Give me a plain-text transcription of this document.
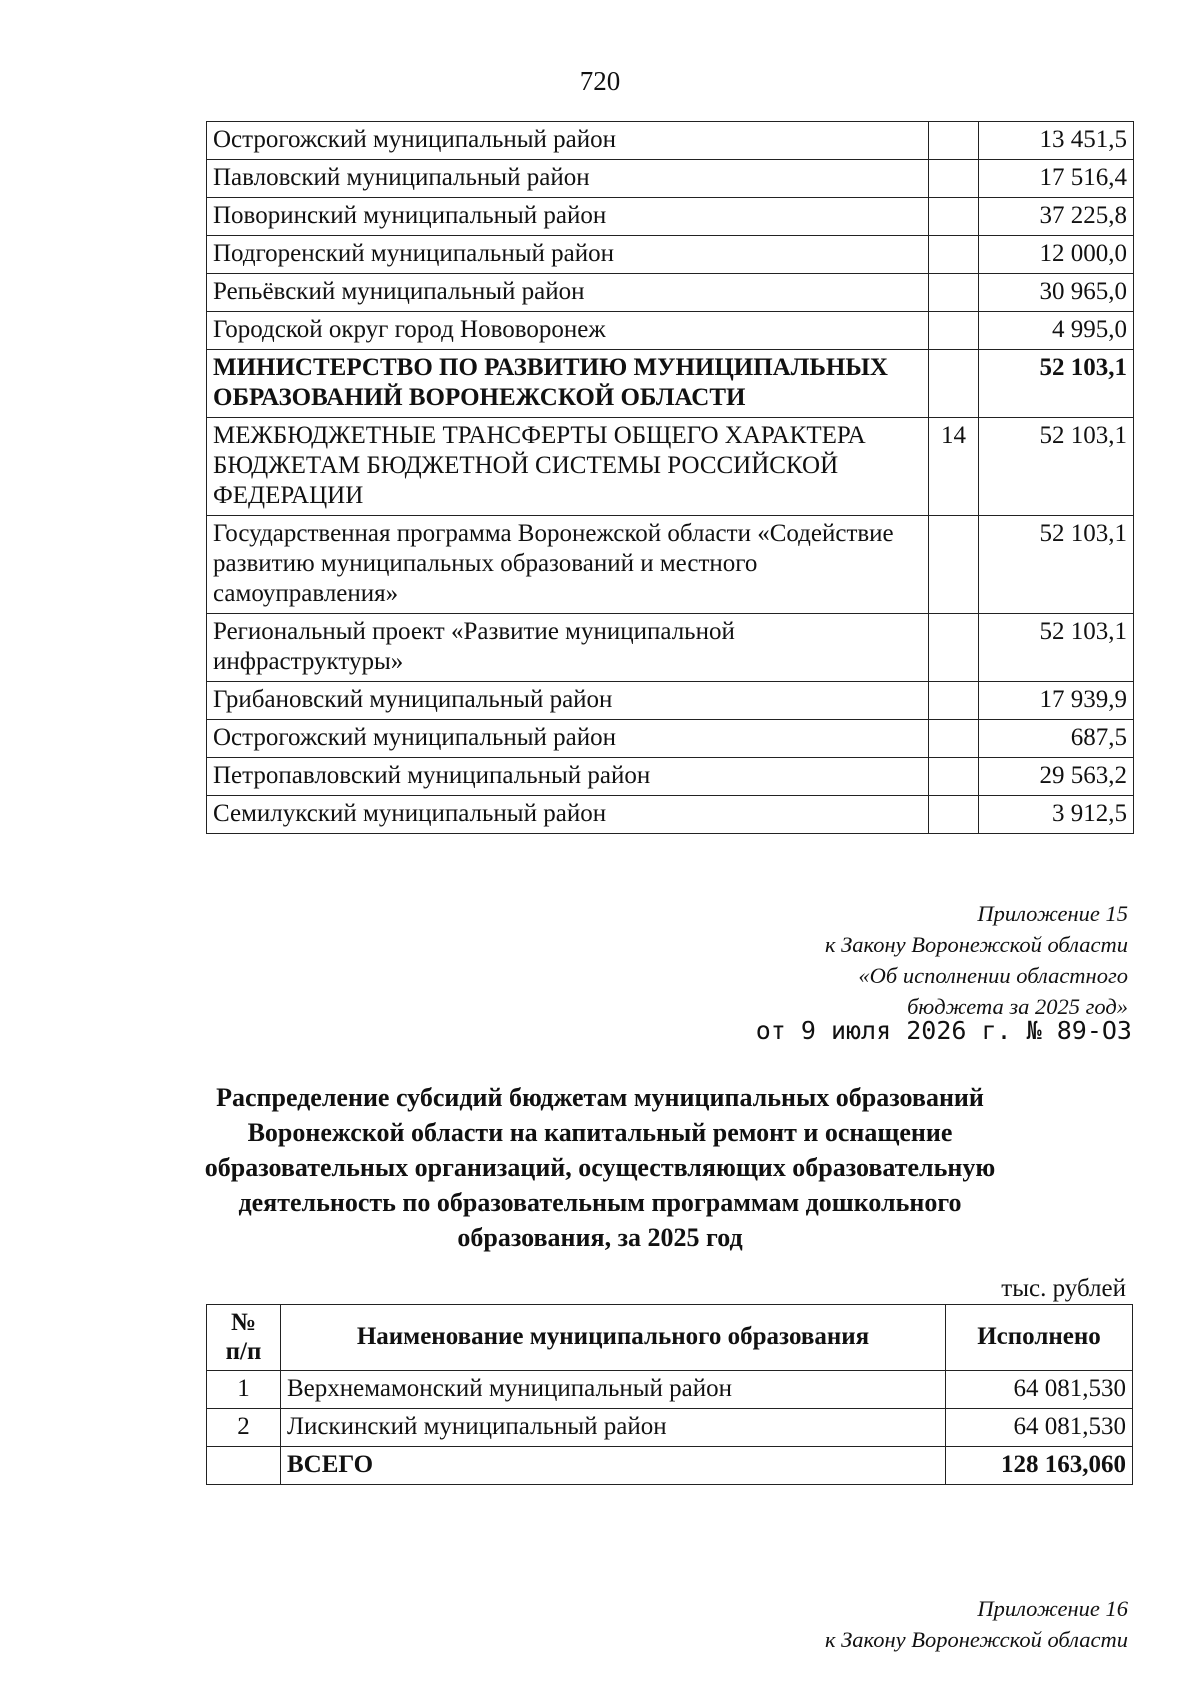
720
Острогожский муниципальный район		13 451,5
Павловский муниципальный район		17 516,4
Поворинский муниципальный район		37 225,8
Подгоренский муниципальный район		12 000,0
Репьёвский муниципальный район		30 965,0
Городской округ город Нововоронеж		4 995,0
МИНИСТЕРСТВО ПО РАЗВИТИЮ МУНИЦИПАЛЬНЫХ ОБРАЗОВАНИЙ ВОРОНЕЖСКОЙ ОБЛАСТИ		52 103,1
МЕЖБЮДЖЕТНЫЕ ТРАНСФЕРТЫ ОБЩЕГО ХАРАКТЕРА БЮДЖЕТАМ БЮДЖЕТНОЙ СИСТЕМЫ РОССИЙСКОЙ ФЕДЕРАЦИИ	14	52 103,1
Государственная программа Воронежской области «Содействие развитию муниципальных образований и местного самоуправления»		52 103,1
Региональный проект «Развитие муниципальной инфраструктуры»		52 103,1
Грибановский муниципальный район		17 939,9
Острогожский муниципальный район		687,5
Петропавловский муниципальный район		29 563,2
Семилукский муниципальный район		3 912,5
Приложение 15
к Закону Воронежской области
«Об исполнении областного
бюджета за 2025 год»
от 9 июля 2026 г. № 89-ОЗ
Распределение субсидий бюджетам муниципальных образований Воронежской области на капитальный ремонт и оснащение образовательных организаций, осуществляющих образовательную деятельность по образовательным программам дошкольного образования, за 2025 год
тыс. рублей
№
п/п	Наименование муниципального образования	Исполнено
1	Верхнемамонский муниципальный район	64 081,530
2	Лискинский муниципальный район	64 081,530
	ВСЕГО	128 163,060
Приложение 16
к Закону Воронежской области
